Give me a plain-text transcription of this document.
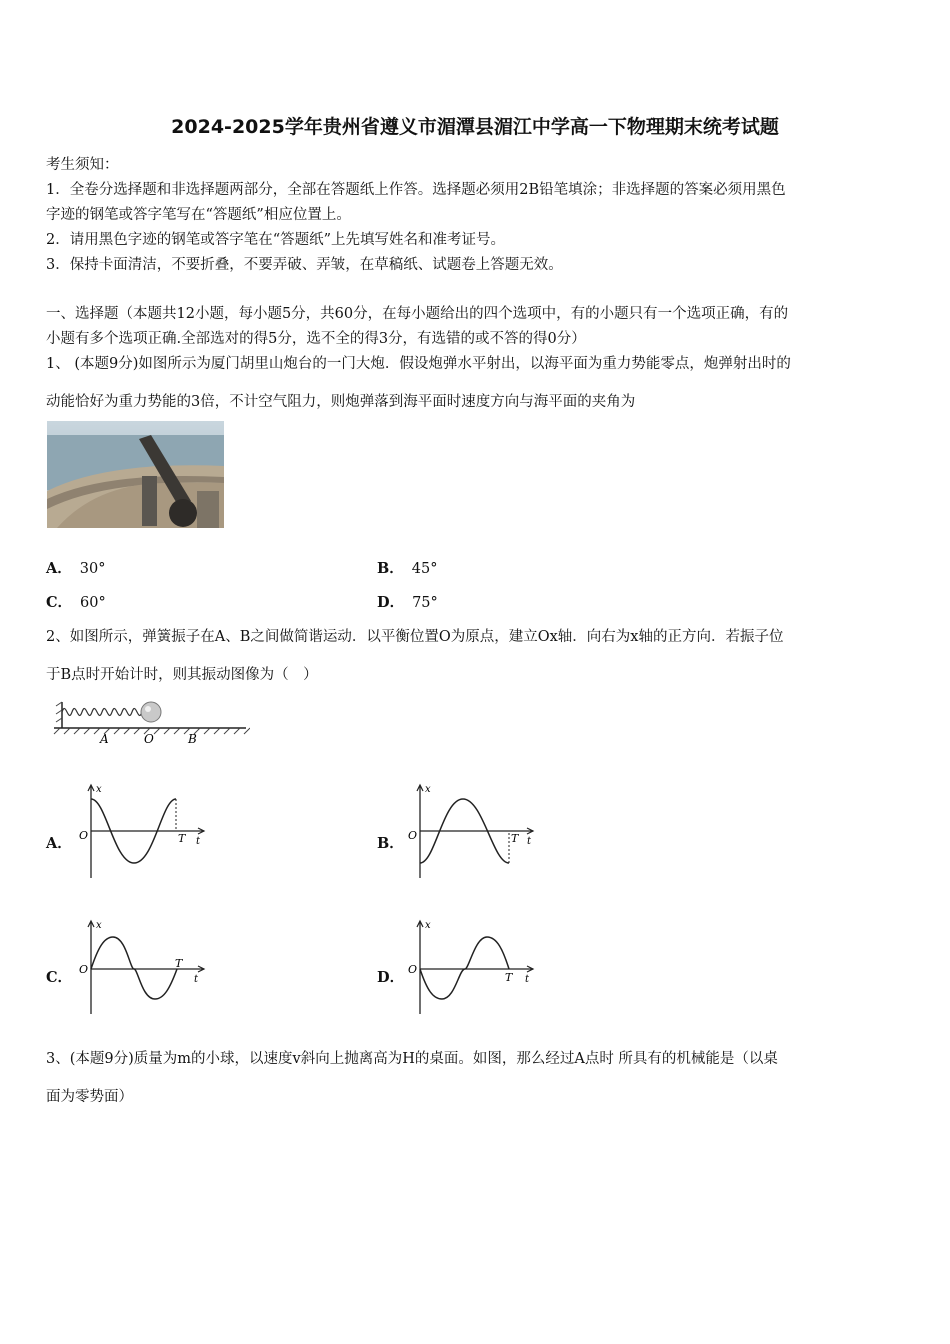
2024-2025学年贵州省遵义市湄潭县湄江中学高一下物理期末统考试题
考生须知：
1．全卷分选择题和非选择题两部分，全部在答题纸上作答。选择题必须用2B铅笔填涂；非选择题的答案必须用黑色
字迹的钢笔或答字笔写在“答题纸”相应位置上。
2．请用黑色字迹的钢笔或答字笔在“答题纸”上先填写姓名和准考证号。
3．保持卡面清洁，不要折叠，不要弄破、弄皱，在草稿纸、试题卷上答题无效。
一、选择题（本题共12小题，每小题5分，共60分，在每小题给出的四个选项中，有的小题只有一个选项正确，有的
小题有多个选项正确.全部选对的得5分，选不全的得3分，有选错的或不答的得0分）
1、 (本题9分)如图所示为厦门胡里山炮台的一门大炮．假设炮弹水平射出，以海平面为重力势能零点，炮弹射出时的
动能恰好为重力势能的3倍，不计空气阻力，则炮弹落到海平面时速度方向与海平面的夹角为
A． 30°	B． 45°
C． 60°	D． 75°
2、如图所示，弹簧振子在A、B之间做简谐运动．以平衡位置O为原点，建立Ox轴．向右为x轴的正方向．若振子位
于B点时开始计时，则其振动图像为（　）
A	O	B
A．	B．
C．	D．
x
O	T t
x
O	T t
x
O	T
t
x
O
T t
3、(本题9分)质量为m的小球，以速度v斜向上抛离高为H的桌面。如图，那么经过A点时 所具有的机械能是（以桌
面为零势面）
